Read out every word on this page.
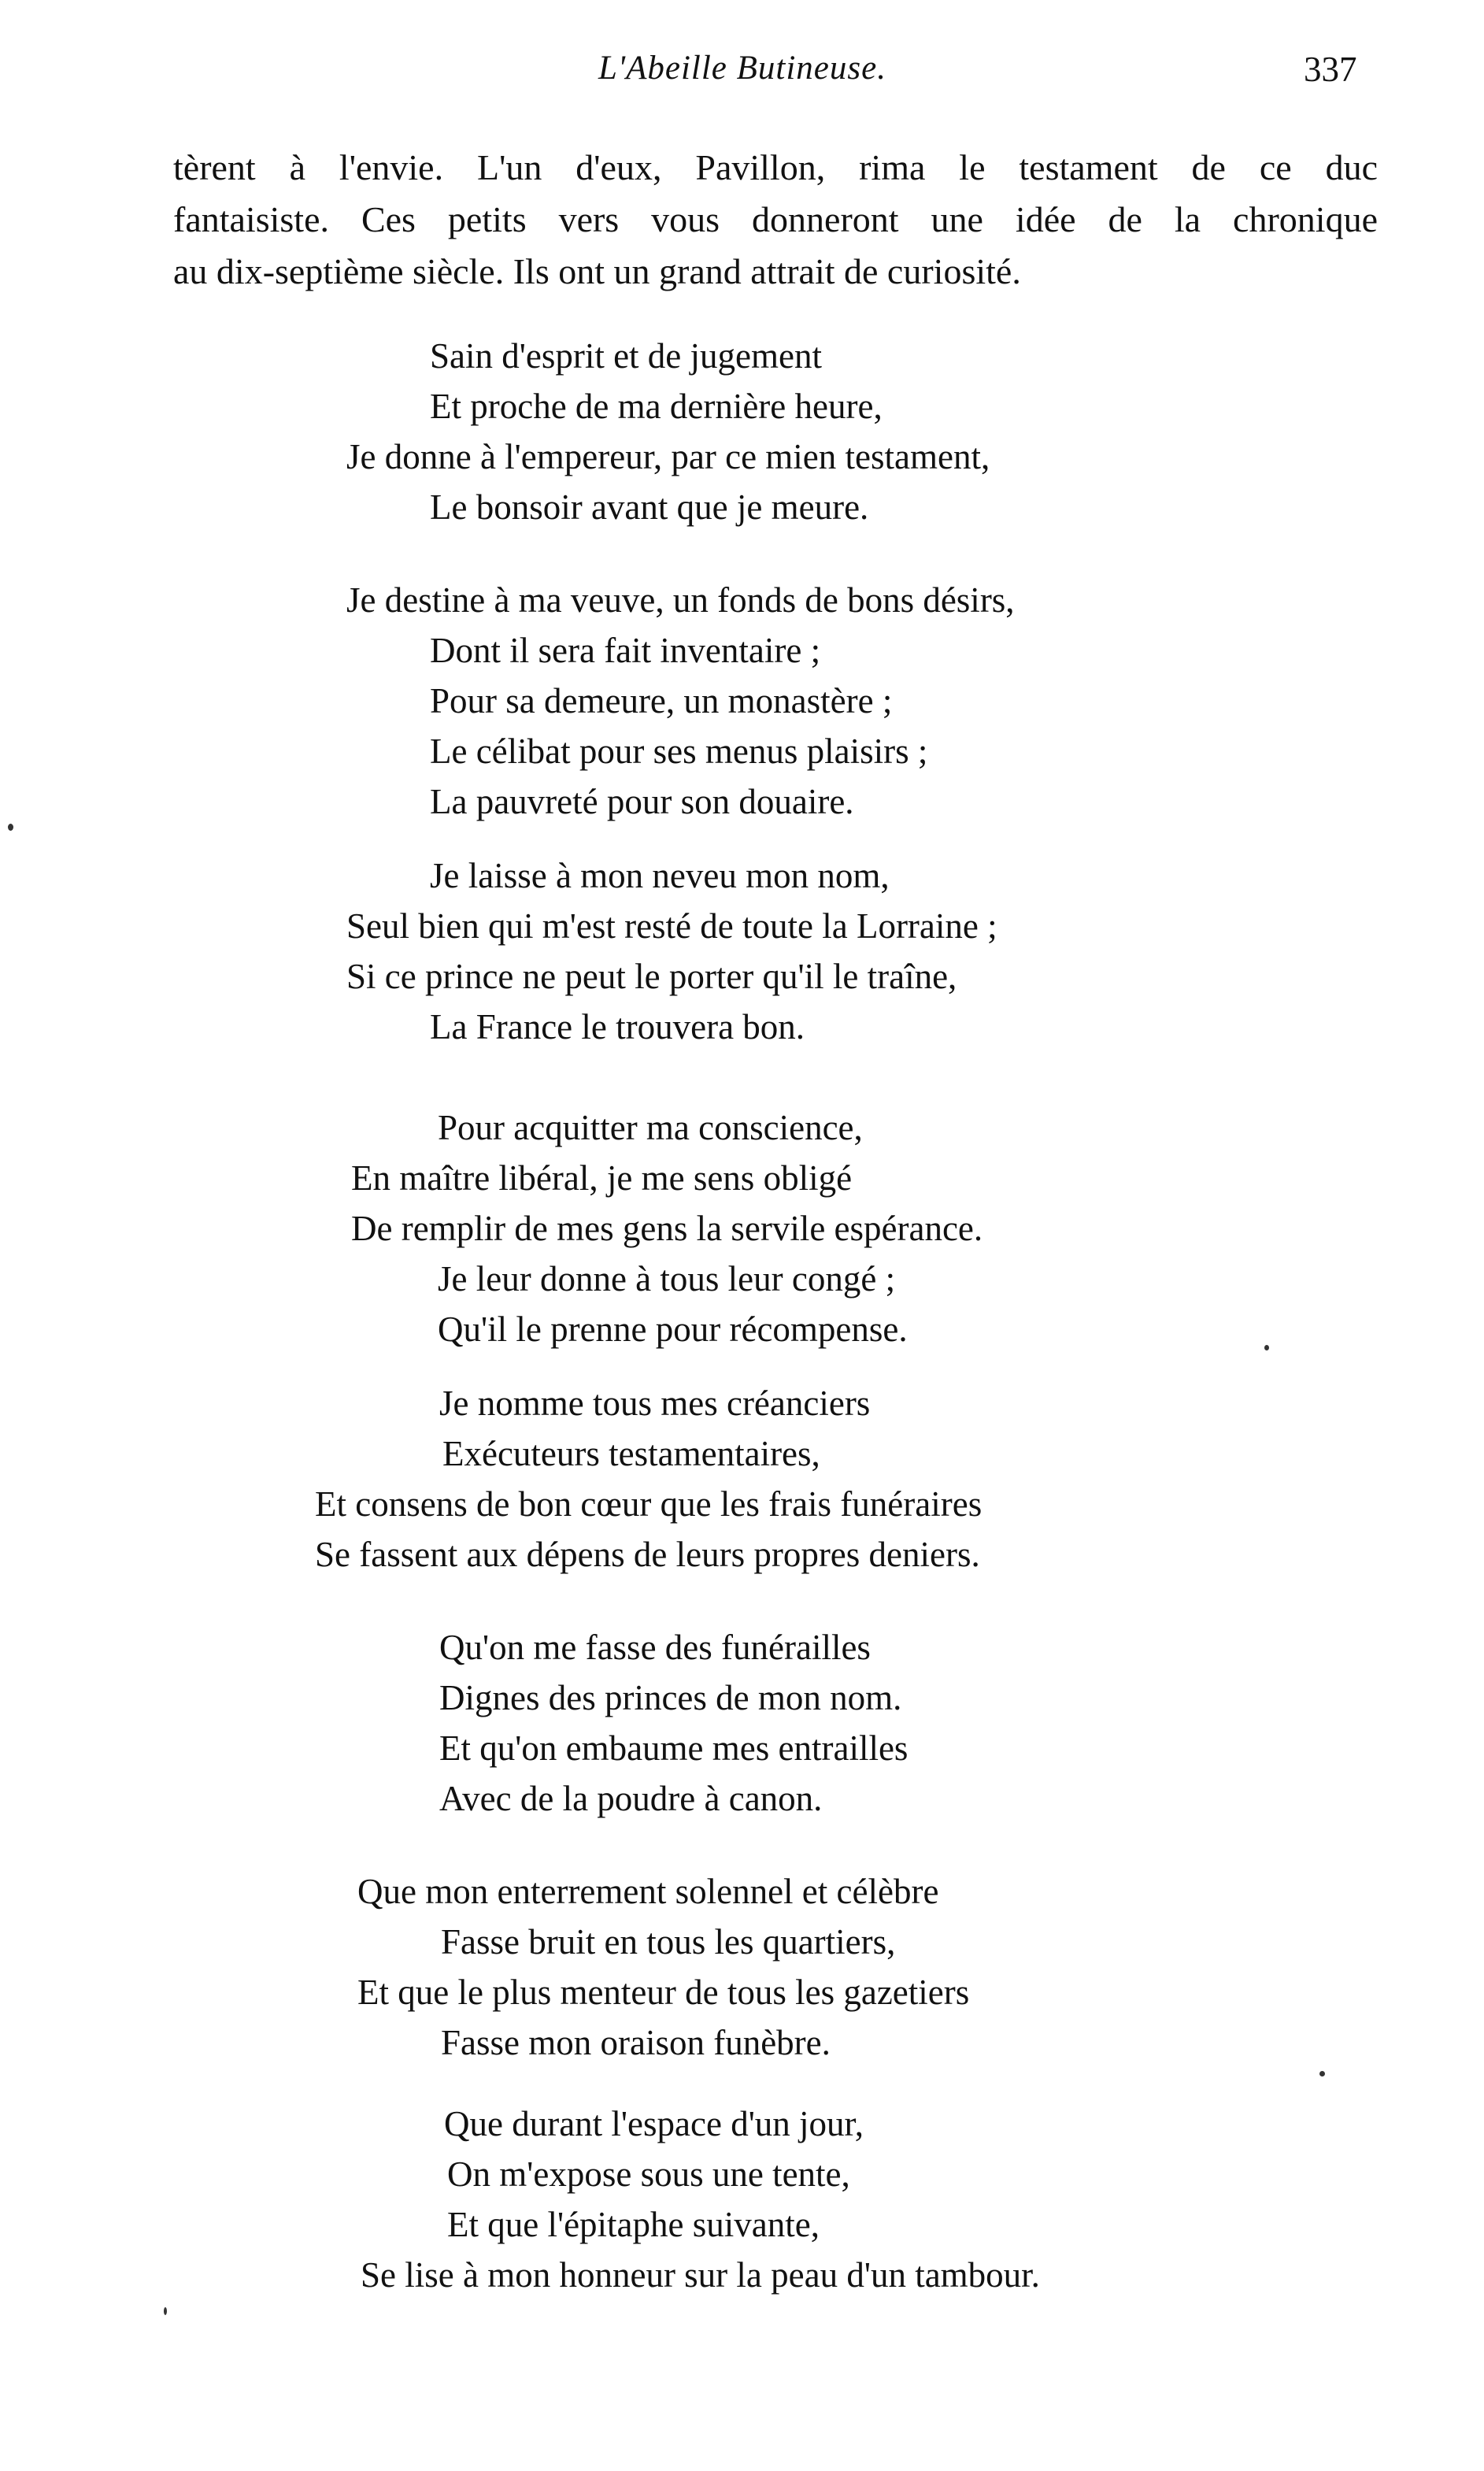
L'Abeille Butineuse.	337
tèrent à l'envie. L'un d'eux, Pavillon, rima le testament de ce duc
fantaisiste. Ces petits vers vous donneront une idée de la chronique
au dix-septième siècle. Ils ont un grand attrait de curiosité.
Sain d'esprit et de jugement
Et proche de ma dernière heure,
Je donne à l'empereur, par ce mien testament,
Le bonsoir avant que je meure.
Je destine à ma veuve, un fonds de bons désirs,
Dont il sera fait inventaire ;
Pour sa demeure, un monastère ;
Le célibat pour ses menus plaisirs ;
La pauvreté pour son douaire.
Je laisse à mon neveu mon nom,
Seul bien qui m'est resté de toute la Lorraine ;
Si ce prince ne peut le porter qu'il le traîne,
La France le trouvera bon.
Pour acquitter ma conscience,
En maître libéral, je me sens obligé
De remplir de mes gens la servile espérance.
Je leur donne à tous leur congé ;
Qu'il le prenne pour récompense.
Je nomme tous mes créanciers
Exécuteurs testamentaires,
Et consens de bon cœur que les frais funéraires
Se fassent aux dépens de leurs propres deniers.
Qu'on me fasse des funérailles
Dignes des princes de mon nom.
Et qu'on embaume mes entrailles
Avec de la poudre à canon.
Que mon enterrement solennel et célèbre
Fasse bruit en tous les quartiers,
Et que le plus menteur de tous les gazetiers
Fasse mon oraison funèbre.
Que durant l'espace d'un jour,
On m'expose sous une tente,
Et que l'épitaphe suivante,
Se lise à mon honneur sur la peau d'un tambour.
